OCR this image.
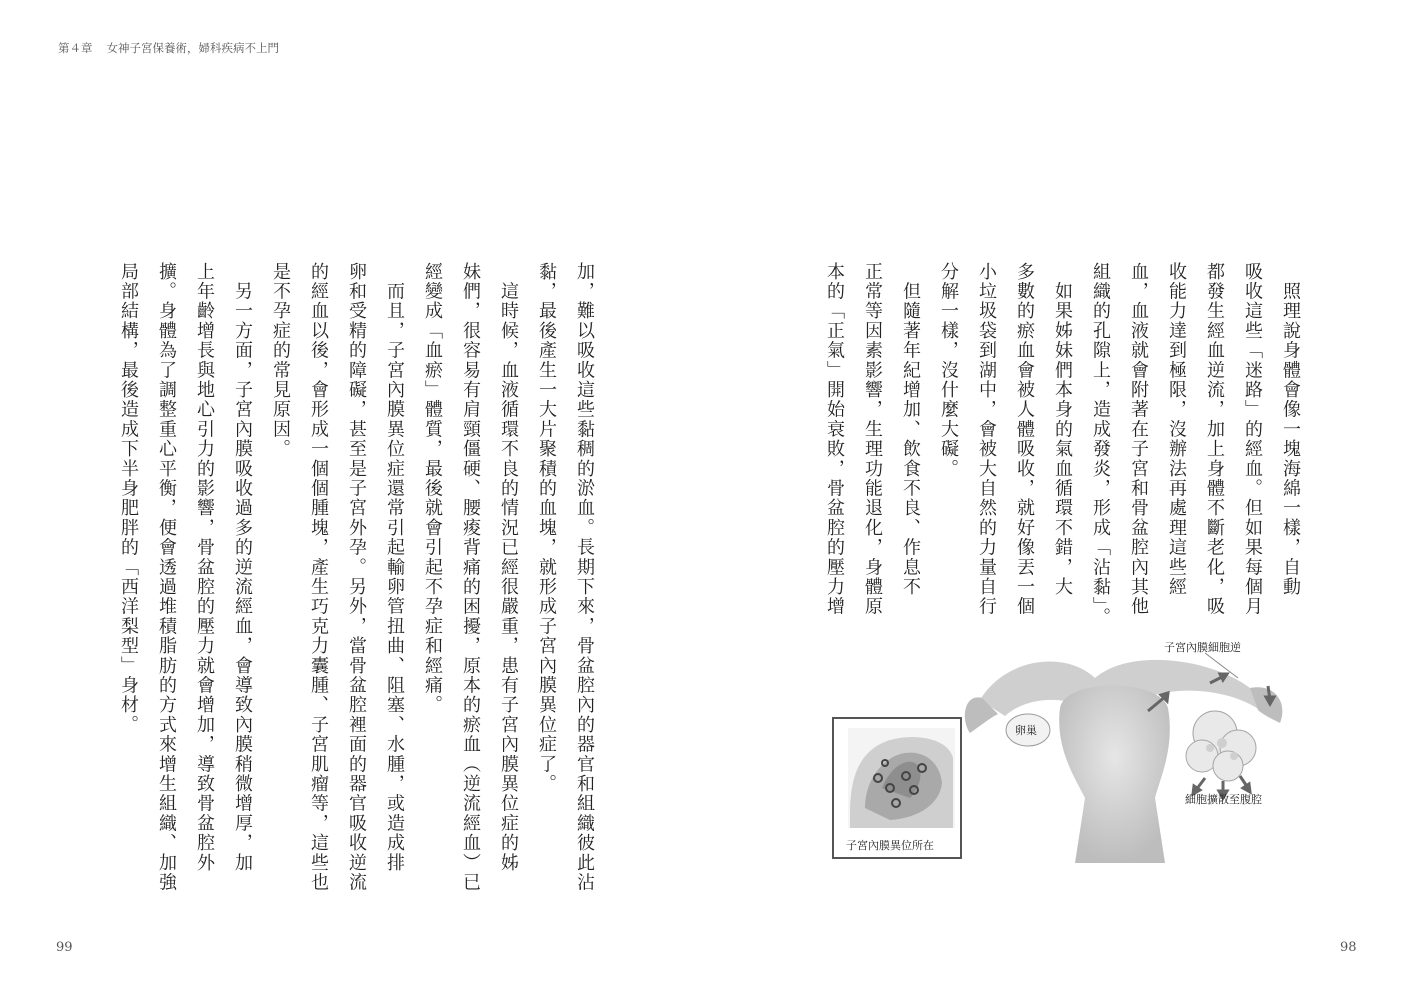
第４章 女神子宮保養術，婦科疾病不上門
　照理說身體會像一塊海綿一樣，自動
吸收這些「迷路」的經血。但如果每個月
都發生經血逆流，加上身體不斷老化，吸
收能力達到極限，沒辦法再處理這些經
血，血液就會附著在子宮和骨盆腔內其他
組織的孔隙上，造成發炎，形成「沾黏」。
　如果姊妹們本身的氣血循環不錯，大
多數的瘀血會被人體吸收，就好像丟一個
小垃圾袋到湖中，會被大自然的力量自行
分解一樣，沒什麼大礙。
　但隨著年紀增加、飲食不良、作息不
正常等因素影響，生理功能退化，身體原
本的「正氣」開始衰敗，骨盆腔的壓力增
卵巢
子宮內膜細胞逆
細胞擴散至腹腔
子宮內膜異位所在
加，難以吸收這些黏稠的淤血。長期下來，骨盆腔內的器官和組織彼此沾
黏，最後產生一大片聚積的血塊，就形成子宮內膜異位症了。
　這時候，血液循環不良的情況已經很嚴重，患有子宮內膜異位症的姊
妹們，很容易有肩頸僵硬、腰痠背痛的困擾，原本的瘀血（逆流經血）已
經變成「血瘀」體質，最後就會引起不孕症和經痛。
　而且，子宮內膜異位症還常引起輸卵管扭曲、阻塞、水腫，或造成排
卵和受精的障礙，甚至是子宮外孕。另外，當骨盆腔裡面的器官吸收逆流
的經血以後，會形成一個個腫塊，產生巧克力囊腫、子宮肌瘤等，這些也
是不孕症的常見原因。
　另一方面，子宮內膜吸收過多的逆流經血，會導致內膜稍微增厚，加
上年齡增長與地心引力的影響，骨盆腔的壓力就會增加，導致骨盆腔外
擴。身體為了調整重心平衡，便會透過堆積脂肪的方式來增生組織、加強
局部結構，最後造成下半身肥胖的「西洋梨型」身材。
99	98
